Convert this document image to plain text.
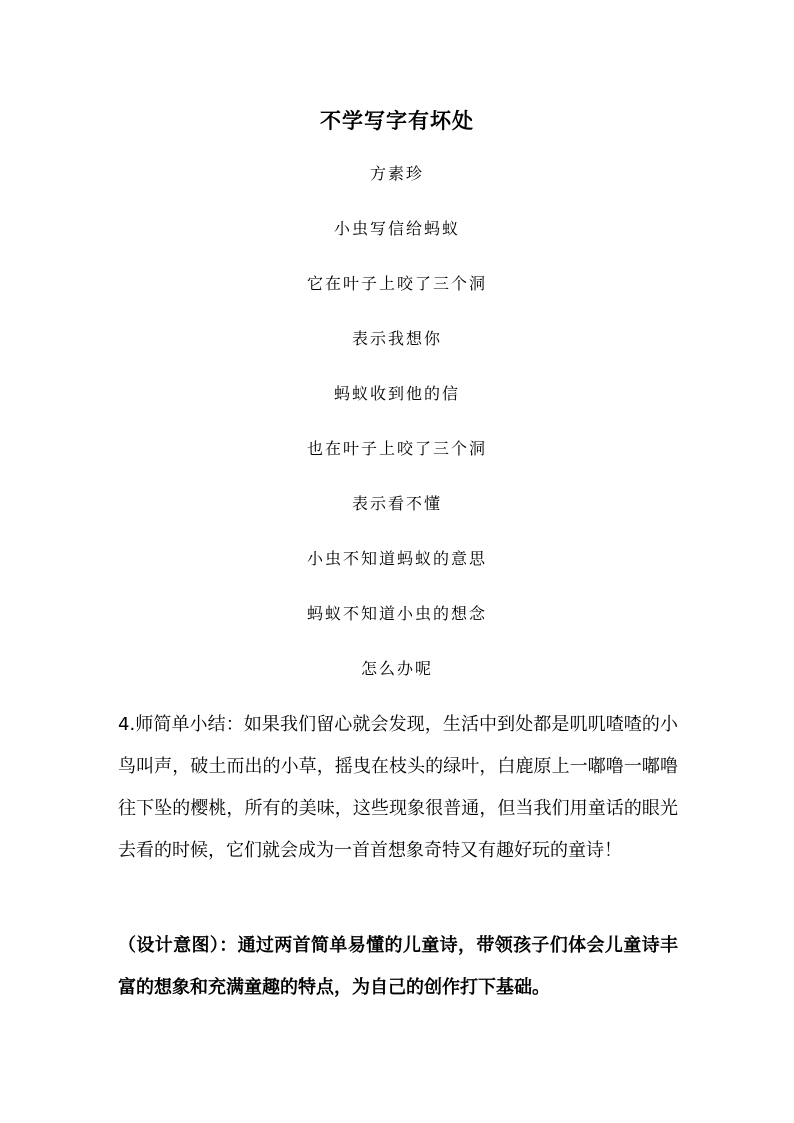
不学写字有坏处
方素珍
小虫写信给蚂蚁
它在叶子上咬了三个洞
表示我想你
蚂蚁收到他的信
也在叶子上咬了三个洞
表示看不懂
小虫不知道蚂蚁的意思
蚂蚁不知道小虫的想念
怎么办呢

4.师简单小结：如果我们留心就会发现，生活中到处都是叽叽喳喳的小鸟叫声，破土而出的小草，摇曳在枝头的绿叶，白鹿原上一嘟噜一嘟噜往下坠的樱桃，所有的美味，这些现象很普通，但当我们用童话的眼光去看的时候，它们就会成为一首首想象奇特又有趣好玩的童诗！

（设计意图）：通过两首简单易懂的儿童诗，带领孩子们体会儿童诗丰富的想象和充满童趣的特点，为自己的创作打下基础。
